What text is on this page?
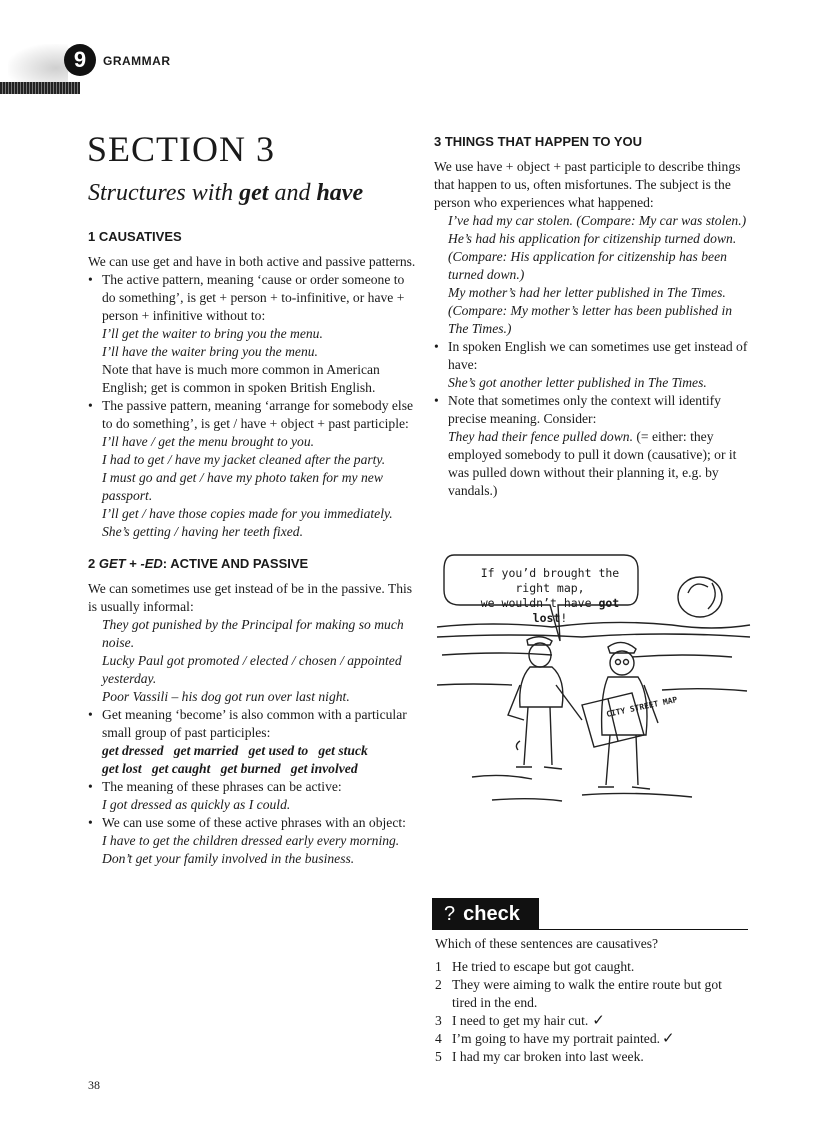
9	GRAMMAR
SECTION 3
Structures with get and have

1 CAUSATIVES

We can use get and have in both active and passive patterns.

• The active pattern, meaning ‘cause or order someone to do something’, is get + person + to-infinitive, or have + person + infinitive without to:

I’ll get the waiter to bring you the menu.

I’ll have the waiter bring you the menu.

Note that have is much more common in American English; get is common in spoken British English.

• The passive pattern, meaning ‘arrange for somebody else to do something’, is get / have + object + past participle:

I’ll have / get the menu brought to you.

I had to get / have my jacket cleaned after the party.

I must go and get / have my photo taken for my new passport.

I’ll get / have those copies made for you immediately.

She’s getting / having her teeth fixed.

2 GET + -ED: ACTIVE AND PASSIVE

We can sometimes use get instead of be in the passive. This is usually informal:

They got punished by the Principal for making so much noise.

Lucky Paul got promoted / elected / chosen / appointed yesterday.

Poor Vassili – his dog got run over last night.

• Get meaning ‘become’ is also common with a particular small group of past participles:

get dressed   get married   get used to   get stuck

get lost   get caught   get burned   get involved

• The meaning of these phrases can be active:

I got dressed as quickly as I could.

• We can use some of these active phrases with an object:

I have to get the children dressed early every morning.

Don’t get your family involved in the business.

3 THINGS THAT HAPPEN TO YOU

We use have + object + past participle to describe things that happen to us, often misfortunes. The subject is the person who experiences what happened:

I’ve had my car stolen. (Compare: My car was stolen.)

He’s had his application for citizenship turned down. (Compare: His application for citizenship has been turned down.)

My mother’s had her letter published in The Times. (Compare: My mother’s letter has been published in The Times.)

• In spoken English we can sometimes use get instead of have:

She’s got another letter published in The Times.

• Note that sometimes only the context will identify precise meaning. Consider:

They had their fence pulled down. (= either: they employed somebody to pull it down (causative); or it was pulled down without their planning it, e.g. by vandals.)

CITY STREET MAP
If you’d brought the right map,
we wouldn’t have got lost!
? check
Which of these sentences are causatives?
1 He tried to escape but got caught.
2 They were aiming to walk the entire route but got tired in the end.
3 I need to get my hair cut. ✓
4 I’m going to have my portrait painted. ✓
5 I had my car broken into last week.
38
